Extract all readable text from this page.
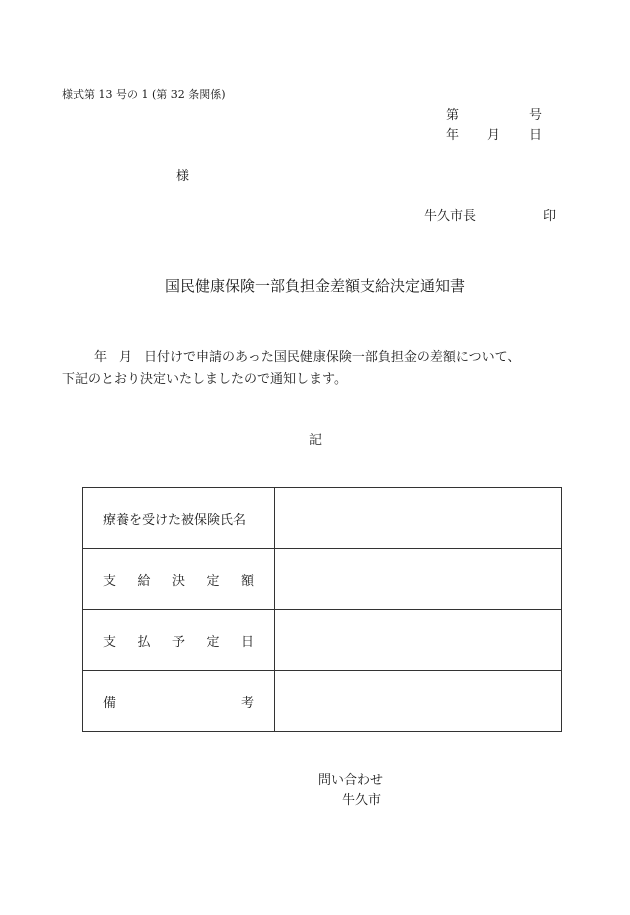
様式第 13 号の 1 (第 32 条関係)
第	号
年 月 日
様
牛久市長	印
国民健康保険一部負担金差額支給決定通知書
年 月 日付けで申請のあった国民健康保険一部負担金の差額について、
下記のとおり決定いたしましたので通知します。
記
療養を受けた被保険氏名	

支 給 決 定 額	

支 払 予 定 日	

備 考	

問い合わせ
牛久市
